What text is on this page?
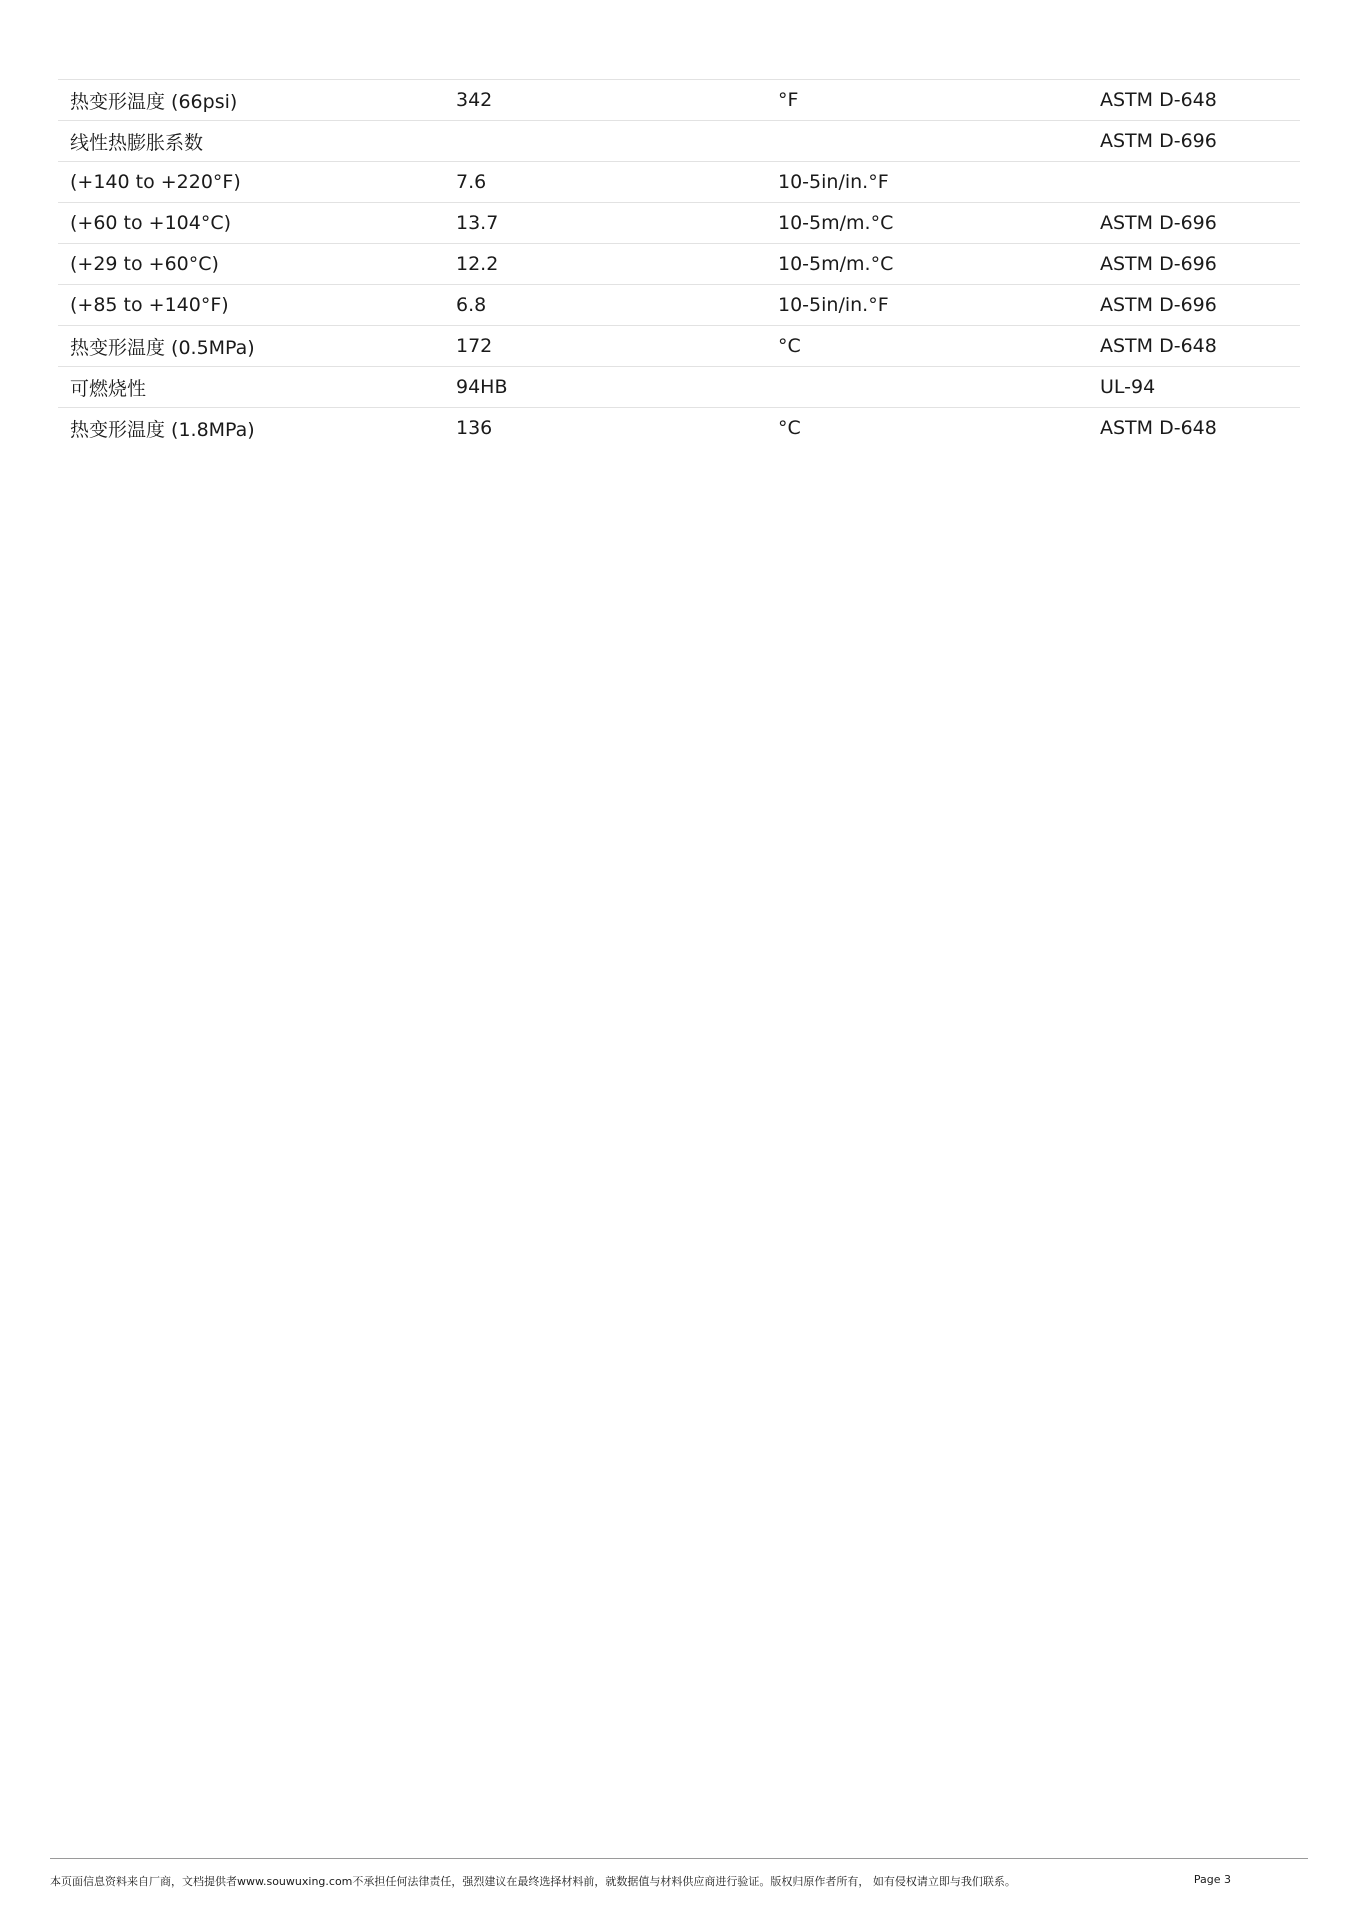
热变形温度 (66psi)	342	°F	ASTM D-648
线性热膨胀系数			ASTM D-696
(+140 to +220°F)	7.6	10-5in/in.°F	
(+60 to +104°C)	13.7	10-5m/m.°C	ASTM D-696
(+29 to +60°C)	12.2	10-5m/m.°C	ASTM D-696
(+85 to +140°F)	6.8	10-5in/in.°F	ASTM D-696
热变形温度 (0.5MPa)	172	°C	ASTM D-648
可燃烧性	94HB		UL-94
热变形温度 (1.8MPa)	136	°C	ASTM D-648
本页面信息资料来自厂商，文档提供者www.souwuxing.com不承担任何法律责任，强烈建议在最终选择材料前，就数据值与材料供应商进行验证。版权归原作者所有， 如有侵权请立即与我们联系。	Page 3
